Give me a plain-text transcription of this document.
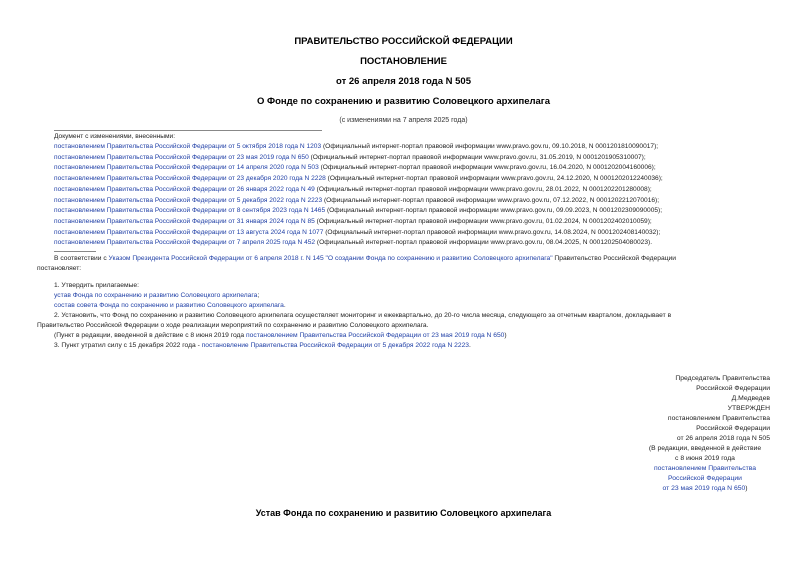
ПРАВИТЕЛЬСТВО РОССИЙСКОЙ ФЕДЕРАЦИИ
ПОСТАНОВЛЕНИЕ
от 26 апреля 2018 года N 505
О Фонде по сохранению и развитию Соловецкого архипелага
(с изменениями на 7 апреля 2025 года)
Документ с изменениями, внесенными:
постановлением Правительства Российской Федерации от 5 октября 2018 года N 1203 (Официальный интернет-портал правовой информации www.pravo.gov.ru, 09.10.2018, N 0001201810090017);
постановлением Правительства Российской Федерации от 23 мая 2019 года N 650 (Официальный интернет-портал правовой информации www.pravo.gov.ru, 31.05.2019, N 0001201905310007);
постановлением Правительства Российской Федерации от 14 апреля 2020 года N 503 (Официальный интернет-портал правовой информации www.pravo.gov.ru, 16.04.2020, N 0001202004160006);
постановлением Правительства Российской Федерации от 23 декабря 2020 года N 2228 (Официальный интернет-портал правовой информации www.pravo.gov.ru, 24.12.2020, N 0001202012240036);
постановлением Правительства Российской Федерации от 26 января 2022 года N 49 (Официальный интернет-портал правовой информации www.pravo.gov.ru, 28.01.2022, N 0001202201280008);
постановлением Правительства Российской Федерации от 5 декабря 2022 года N 2223 (Официальный интернет-портал правовой информации www.pravo.gov.ru, 07.12.2022, N 0001202212070016);
постановлением Правительства Российской Федерации от 8 сентября 2023 года N 1465 (Официальный интернет-портал правовой информации www.pravo.gov.ru, 09.09.2023, N 0001202309090005);
постановлением Правительства Российской Федерации от 31 января 2024 года N 85 (Официальный интернет-портал правовой информации www.pravo.gov.ru, 01.02.2024, N 0001202402010059);
постановлением Правительства Российской Федерации от 13 августа 2024 года N 1077 (Официальный интернет-портал правовой информации www.pravo.gov.ru, 14.08.2024, N 0001202408140032);
постановлением Правительства Российской Федерации от 7 апреля 2025 года N 452 (Официальный интернет-портал правовой информации www.pravo.gov.ru, 08.04.2025, N 0001202504080023).
В соответствии с Указом Президента Российской Федерации от 6 апреля 2018 г. N 145 "О создании Фонда по сохранению и развитию Соловецкого архипелага" Правительство Российской Федерации
постановляет:
1. Утвердить прилагаемые:
устав Фонда по сохранению и развитию Соловецкого архипелага;
состав совета Фонда по сохранению и развитию Соловецкого архипелага.
2. Установить, что Фонд по сохранению и развитию Соловецкого архипелага осуществляет мониторинг и ежеквартально, до 20-го числа месяца, следующего за отчетным кварталом, докладывает в
Правительство Российской Федерации о ходе реализации мероприятий по сохранению и развитию Соловецкого архипелага.
(Пункт в редакции, введенной в действие с 8 июня 2019 года постановлением Правительства Российской Федерации от 23 мая 2019 года N 650)
3. Пункт утратил силу с 15 декабря 2022 года - постановление Правительства Российской Федерации от 5 декабря 2022 года N 2223.
Председатель Правительства
Российской Федерации
Д.Медведев
УТВЕРЖДЕН
постановлением Правительства
Российской Федерации
от 26 апреля 2018 года N 505
(В редакции, введенной в действие
с 8 июня 2019 года
постановлением Правительства
Российской Федерации
от 23 мая 2019 года N 650)
Устав Фонда по сохранению и развитию Соловецкого архипелага
